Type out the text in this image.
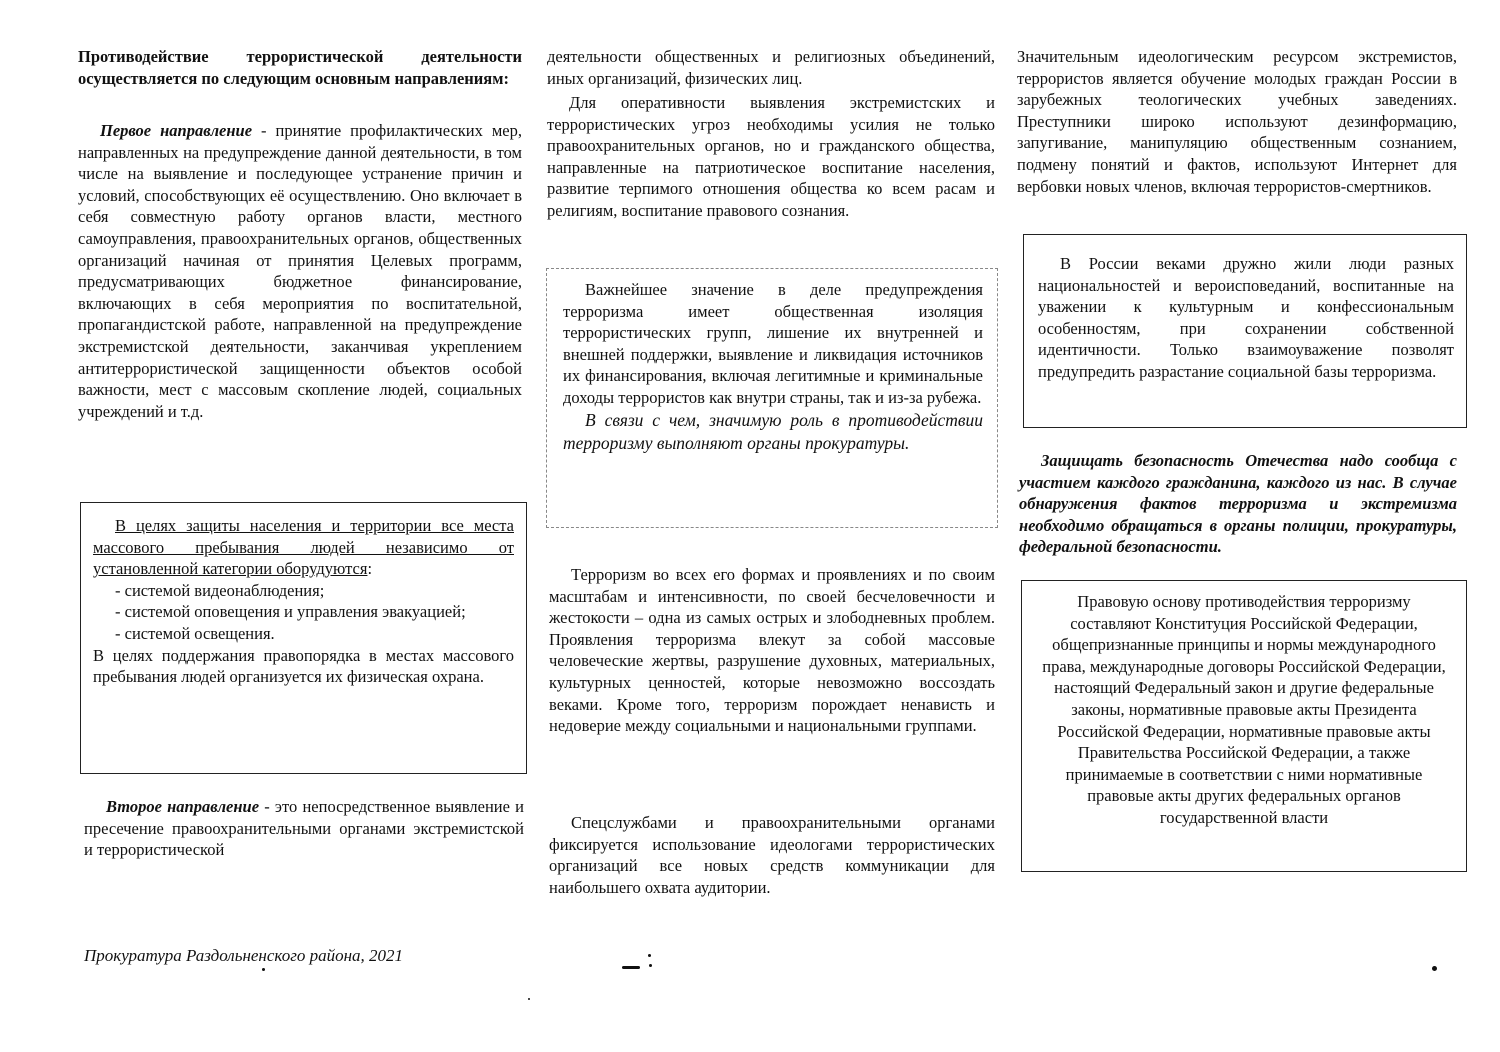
Противодействие террористической деятельности осуществляется по следующим основным направлениям:

Первое направление - принятие профилактических мер, направленных на предупреждение данной деятельности, в том числе на выявление и последующее устранение причин и условий, способствующих её осуществлению. Оно включает в себя совместную работу органов власти, местного самоуправления, правоохранительных органов, общественных организаций начиная от принятия Целевых программ, предусматривающих бюджетное финансирование, включающих в себя мероприятия по воспитательной, пропагандистской работе, направленной на предупреждение экстремистской деятельности, заканчивая укреплением антитеррористической защищенности объектов особой важности, мест с массовым скопление людей, социальных учреждений и т.д.

В целях защиты населения и территории все места массового пребывания людей независимо от установленной категории оборудуются:

- системой видеонаблюдения;

- системой оповещения и управления эвакуацией;

- системой освещения.

В целях поддержания правопорядка в местах массового пребывания людей организуется их физическая охрана.

Второе направление - это непосредственное выявление и пресечение правоохранительными органами экстремистской и террористической

деятельности общественных и религиозных объединений, иных организаций, физических лиц.

Для оперативности выявления экстремистских и террористических угроз необходимы усилия не только правоохранительных органов, но и гражданского общества, направленные на патриотическое воспитание населения, развитие терпимого отношения общества ко всем расам и религиям, воспитание правового сознания.

Важнейшее значение в деле предупреждения терроризма имеет общественная изоляция террористических групп, лишение их внутренней и внешней поддержки, выявление и ликвидация источников их финансирования, включая легитимные и криминальные доходы террористов как внутри страны, так и из-за рубежа.

В связи с чем, значимую роль в противодействии терроризму выполняют органы прокуратуры.

Терроризм во всех его формах и проявлениях и по своим масштабам и интенсивности, по своей бесчеловечности и жестокости – одна из самых острых и злободневных проблем. Проявления терроризма влекут за собой массовые человеческие жертвы, разрушение духовных, материальных, культурных ценностей, которые невозможно воссоздать веками. Кроме того, терроризм порождает ненависть и недоверие между социальными и национальными группами.

Спецслужбами и правоохранительными органами фиксируется использование идеологами террористических организаций все новых средств коммуникации для наибольшего охвата аудитории.

Значительным идеологическим ресурсом экстремистов, террористов является обучение молодых граждан России в зарубежных теологических учебных заведениях. Преступники широко используют дезинформацию, запугивание, манипуляцию общественным сознанием, подмену понятий и фактов, используют Интернет для вербовки новых членов, включая террористов-смертников.

В России веками дружно жили люди разных национальностей и вероисповеданий, воспитанные на уважении к культурным и конфессиональным особенностям, при сохранении собственной идентичности. Только взаимоуважение позволят предупредить разрастание социальной базы терроризма.

Защищать безопасность Отечества надо сообща с участием каждого гражданина, каждого из нас. В случае обнаружения фактов терроризма и экстремизма необходимо обращаться в органы полиции, прокуратуры, федеральной безопасности.

Правовую основу противодействия терроризму составляют Конституция Российской Федерации, общепризнанные принципы и нормы международного права, международные договоры Российской Федерации, настоящий Федеральный закон и другие федеральные законы, нормативные правовые акты Президента Российской Федерации, нормативные правовые акты Правительства Российской Федерации, а также принимаемые в соответствии с ними нормативные правовые акты других федеральных органов государственной власти

Прокуратура Раздольненского района, 2021
